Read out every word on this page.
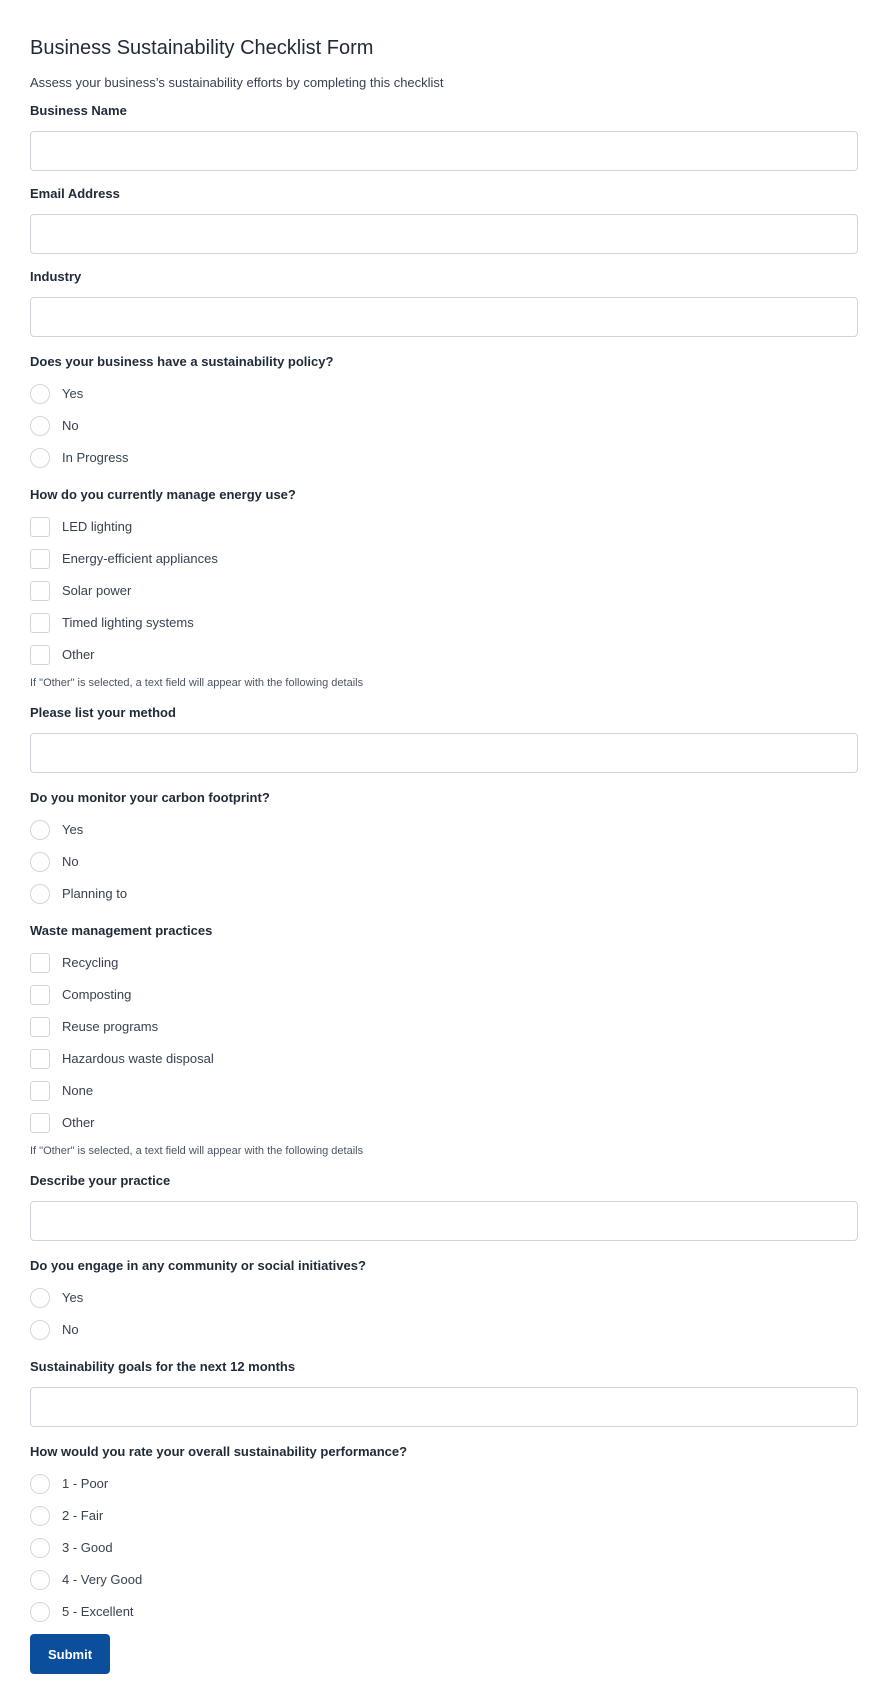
Business Sustainability Checklist Form

Assess your business’s sustainability efforts by completing this checklist

Business Name
Email Address
Industry
Does your business have a sustainability policy?
Yes
No
In Progress
How do you currently manage energy use?
LED lighting
Energy-efficient appliances
Solar power
Timed lighting systems
Other

If "Other" is selected, a text field will appear with the following details

Please list your method
Do you monitor your carbon footprint?
Yes
No
Planning to
Waste management practices
Recycling
Composting
Reuse programs
Hazardous waste disposal
None
Other

If "Other" is selected, a text field will appear with the following details

Describe your practice
Do you engage in any community or social initiatives?
Yes
No
Sustainability goals for the next 12 months
How would you rate your overall sustainability performance?
1 - Poor
2 - Fair
3 - Good
4 - Very Good
5 - Excellent
Submit
